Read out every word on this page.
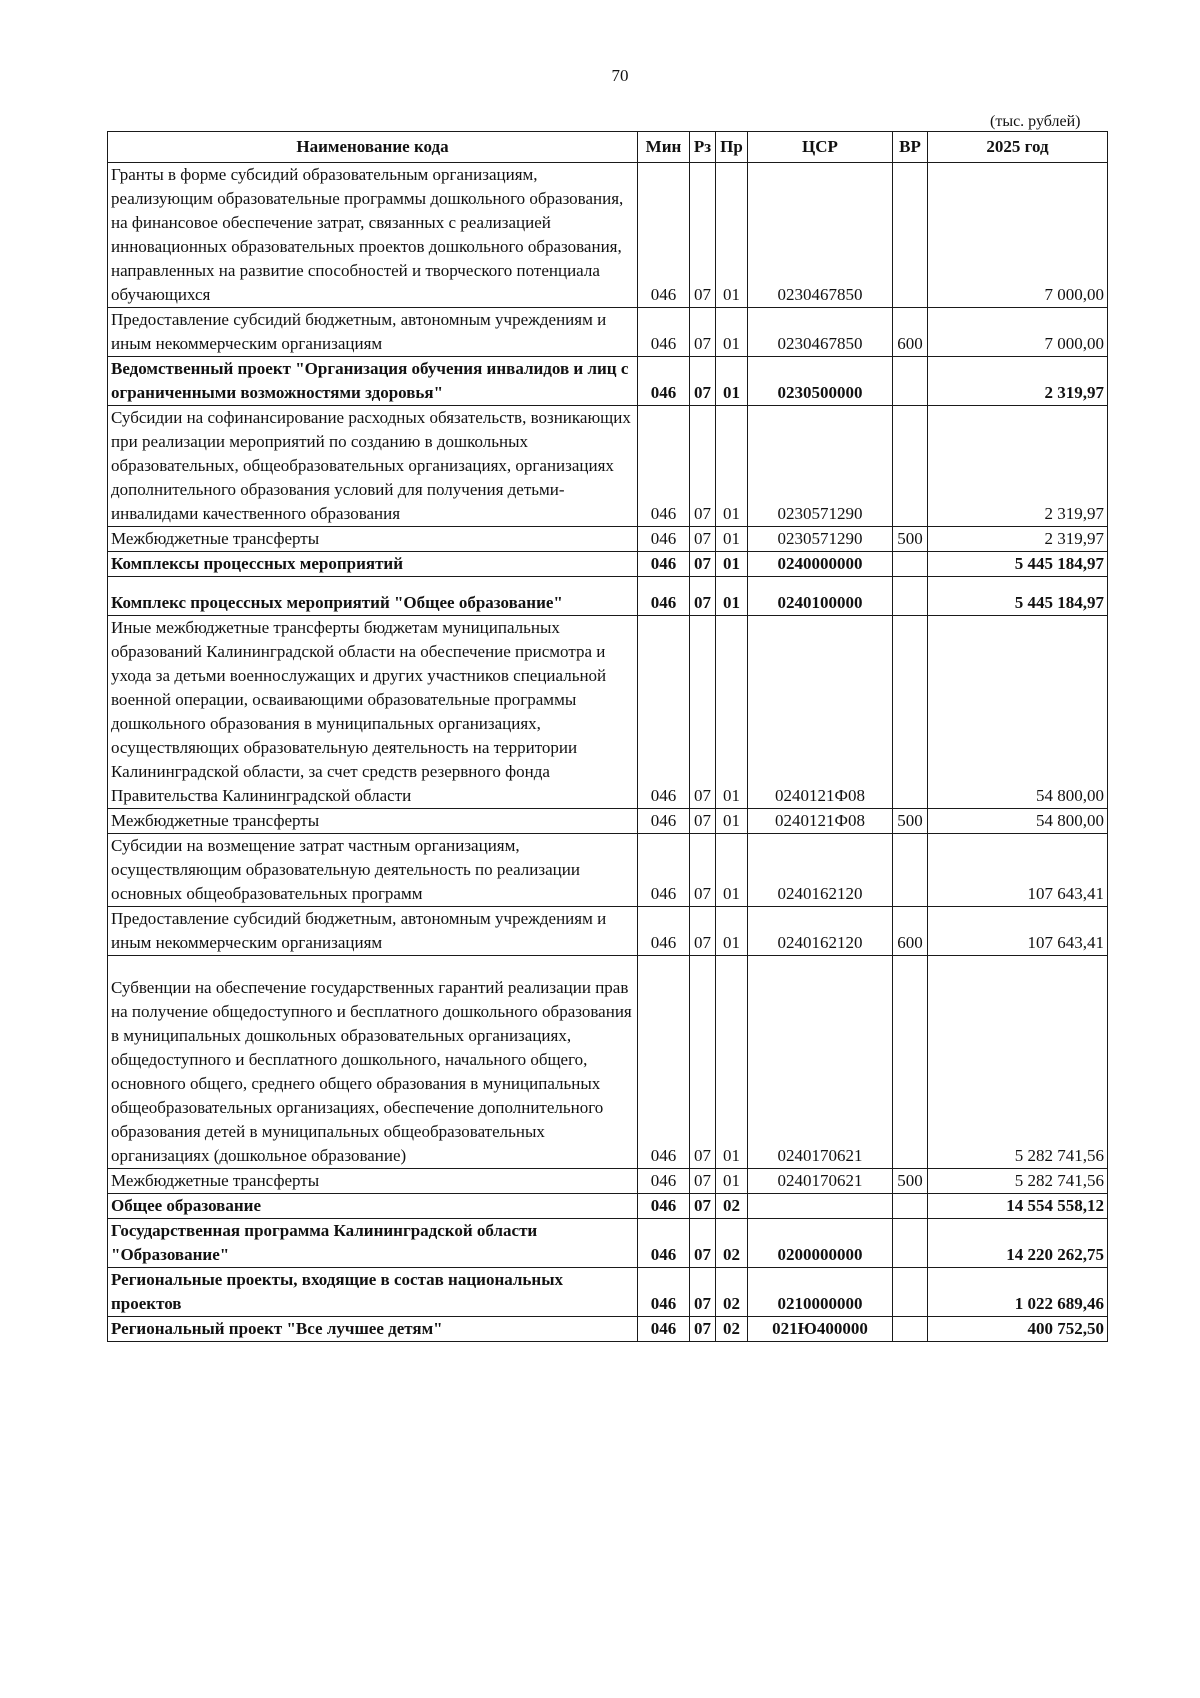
70
(тыс. рублей)
Наименование кода	Мин	Рз	Пр	ЦСР	ВР	2025 год
Гранты в форме субсидий образовательным организациям, реализующим образовательные программы дошкольного образования, на финансовое обеспечение затрат, связанных с реализацией инновационных образовательных проектов дошкольного образования, направленных на развитие способностей и творческого потенциала обучающихся	046	07	01	0230467850		7 000,00
Предоставление субсидий бюджетным, автономным учреждениям и иным некоммерческим организациям	046	07	01	0230467850	600	7 000,00
Ведомственный проект "Организация обучения инвалидов и лиц с ограниченными возможностями здоровья"	046	07	01	0230500000		2 319,97
Субсидии на софинансирование расходных обязательств, возникающих при реализации мероприятий по созданию в дошкольных образовательных, общеобразовательных организациях, организациях дополнительного образования условий для получения детьми-инвалидами качественного образования	046	07	01	0230571290		2 319,97
Межбюджетные трансферты	046	07	01	0230571290	500	2 319,97
Комплексы процессных мероприятий	046	07	01	0240000000		5 445 184,97
Комплекс процессных мероприятий "Общее образование"	046	07	01	0240100000		5 445 184,97
Иные межбюджетные трансферты бюджетам муниципальных образований Калининградской области на обеспечение присмотра и ухода за детьми военнослужащих и других участников специальной военной операции, осваивающими образовательные программы дошкольного образования в муниципальных организациях, осуществляющих образовательную деятельность на территории Калининградской области, за счет средств резервного фонда Правительства Калининградской области	046	07	01	0240121Ф08		54 800,00
Межбюджетные трансферты	046	07	01	0240121Ф08	500	54 800,00
Субсидии на возмещение затрат частным организациям, осуществляющим образовательную деятельность по реализации основных общеобразовательных программ	046	07	01	0240162120		107 643,41
Предоставление субсидий бюджетным, автономным учреждениям и иным некоммерческим организациям	046	07	01	0240162120	600	107 643,41
Субвенции на обеспечение государственных гарантий реализации прав на получение общедоступного и бесплатного дошкольного образования в муниципальных дошкольных образовательных организациях, общедоступного и бесплатного дошкольного, начального общего, основного общего, среднего общего образования в муниципальных общеобразовательных организациях, обеспечение дополнительного образования детей в муниципальных общеобразовательных организациях (дошкольное образование)	046	07	01	0240170621		5 282 741,56
Межбюджетные трансферты	046	07	01	0240170621	500	5 282 741,56
Общее образование	046	07	02			14 554 558,12
Государственная программа Калининградской области "Образование"	046	07	02	0200000000		14 220 262,75
Региональные проекты, входящие в состав национальных проектов	046	07	02	0210000000		1 022 689,46
Региональный проект "Все лучшее детям"	046	07	02	021Ю400000		400 752,50
